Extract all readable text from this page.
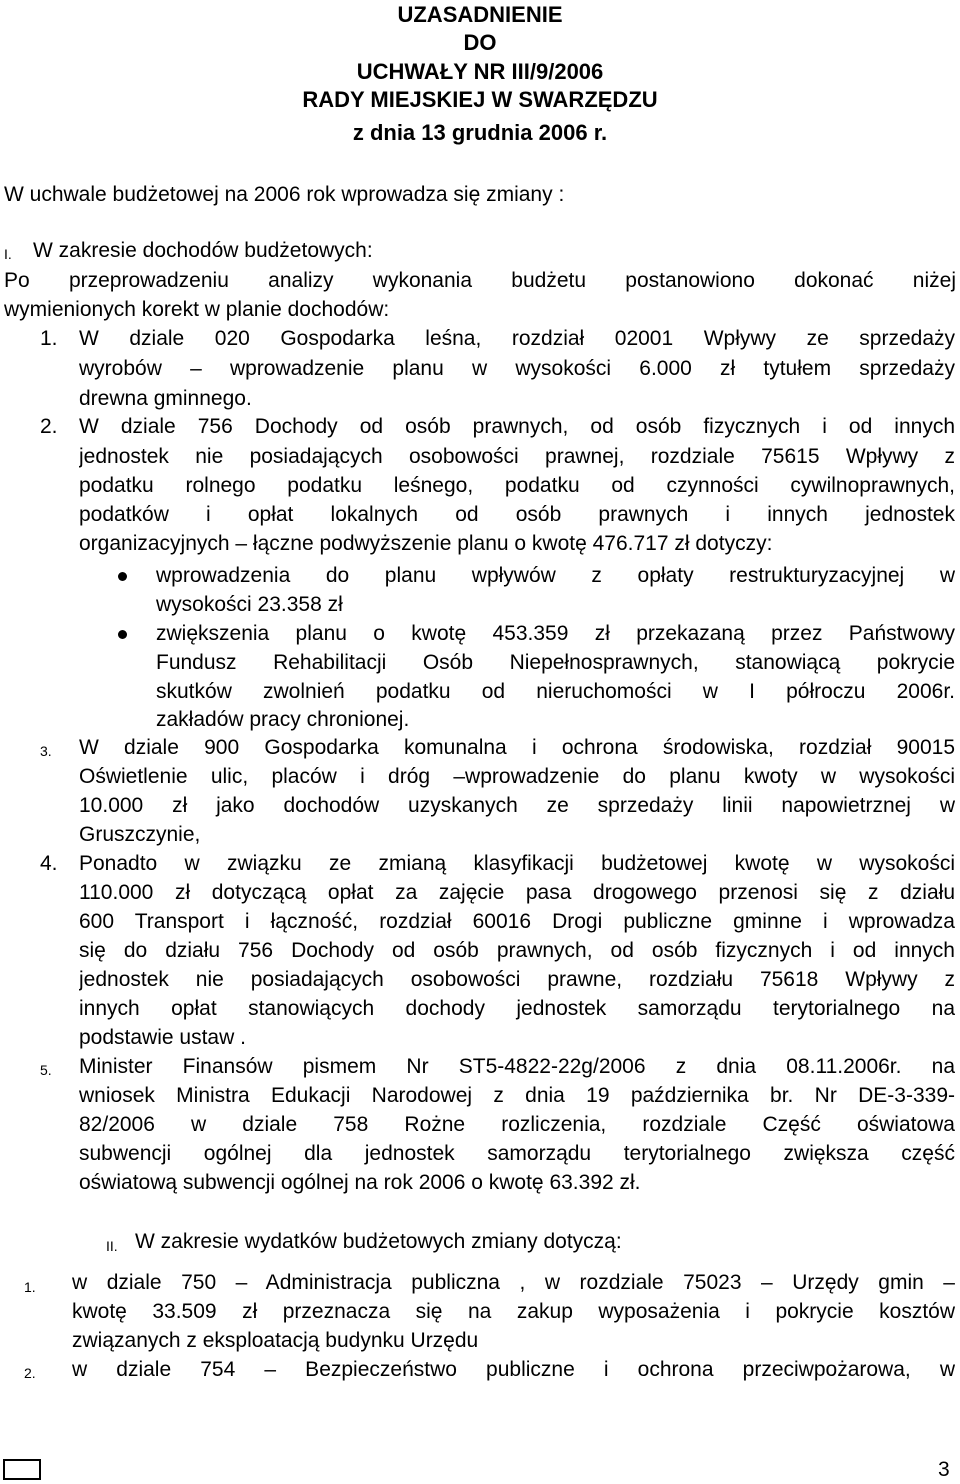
UZASADNIENIE
DO
UCHWAŁY NR III/9/2006
RADY MIEJSKIEJ W SWARZĘDZU
z dnia 13 grudnia 2006 r.
W uchwale budżetowej na 2006 rok wprowadza się zmiany :
I. W zakresie dochodów budżetowych:
Po przeprowadzeniu analizy wykonania budżetu postanowiono dokonać niżej
wymienionych korekt w planie dochodów:
1. W dziale 020 Gospodarka leśna, rozdział 02001 Wpływy ze sprzedaży
wyrobów – wprowadzenie planu w wysokości 6.000 zł tytułem sprzedaży
drewna gminnego.
2. W dziale 756 Dochody od osób prawnych, od osób fizycznych i od innych
jednostek nie posiadających osobowości prawnej, rozdziale 75615 Wpływy z
podatku rolnego podatku leśnego, podatku od czynności cywilnoprawnych,
podatków i opłat lokalnych od osób prawnych i innych jednostek
organizacyjnych – łączne podwyższenie planu o kwotę 476.717 zł dotyczy:
wprowadzenia do planu wpływów z opłaty restrukturyzacyjnej w
wysokości 23.358 zł
zwiększenia planu o kwotę 453.359 zł przekazaną przez Państwowy
Fundusz Rehabilitacji Osób Niepełnosprawnych, stanowiącą pokrycie
skutków zwolnień podatku od nieruchomości w I półroczu 2006r.
zakładów pracy chronionej.
3. W dziale 900 Gospodarka komunalna i ochrona środowiska, rozdział 90015
Oświetlenie ulic, placów i dróg –wprowadzenie do planu kwoty w wysokości
10.000 zł jako dochodów uzyskanych ze sprzedaży linii napowietrznej w
Gruszczynie,
4. Ponadto w związku ze zmianą klasyfikacji budżetowej kwotę w wysokości
110.000 zł dotyczącą opłat za zajęcie pasa drogowego przenosi się z działu
600 Transport i łączność, rozdział 60016 Drogi publiczne gminne i wprowadza
się do działu 756 Dochody od osób prawnych, od osób fizycznych i od innych
jednostek nie posiadających osobowości prawne, rozdziału 75618 Wpływy z
innych opłat stanowiących dochody jednostek samorządu terytorialnego na
podstawie ustaw .
5. Minister Finansów pismem Nr ST5-4822-22g/2006 z dnia 08.11.2006r. na
wniosek Ministra Edukacji Narodowej z dnia 19 października br. Nr DE-3-339-
82/2006 w dziale 758 Rożne rozliczenia, rozdziale Część oświatowa
subwencji ogólnej dla jednostek samorządu terytorialnego zwiększa część
oświatową subwencji ogólnej na rok 2006 o kwotę 63.392 zł.
II. W zakresie wydatków budżetowych zmiany dotyczą:
1. w dziale 750 – Administracja publiczna , w rozdziale 75023 – Urzędy gmin –
kwotę 33.509 zł przeznacza się na zakup wyposażenia i pokrycie kosztów
związanych z eksploatacją budynku Urzędu
2. w dziale 754 – Bezpieczeństwo publiczne i ochrona przeciwpożarowa, w
3
